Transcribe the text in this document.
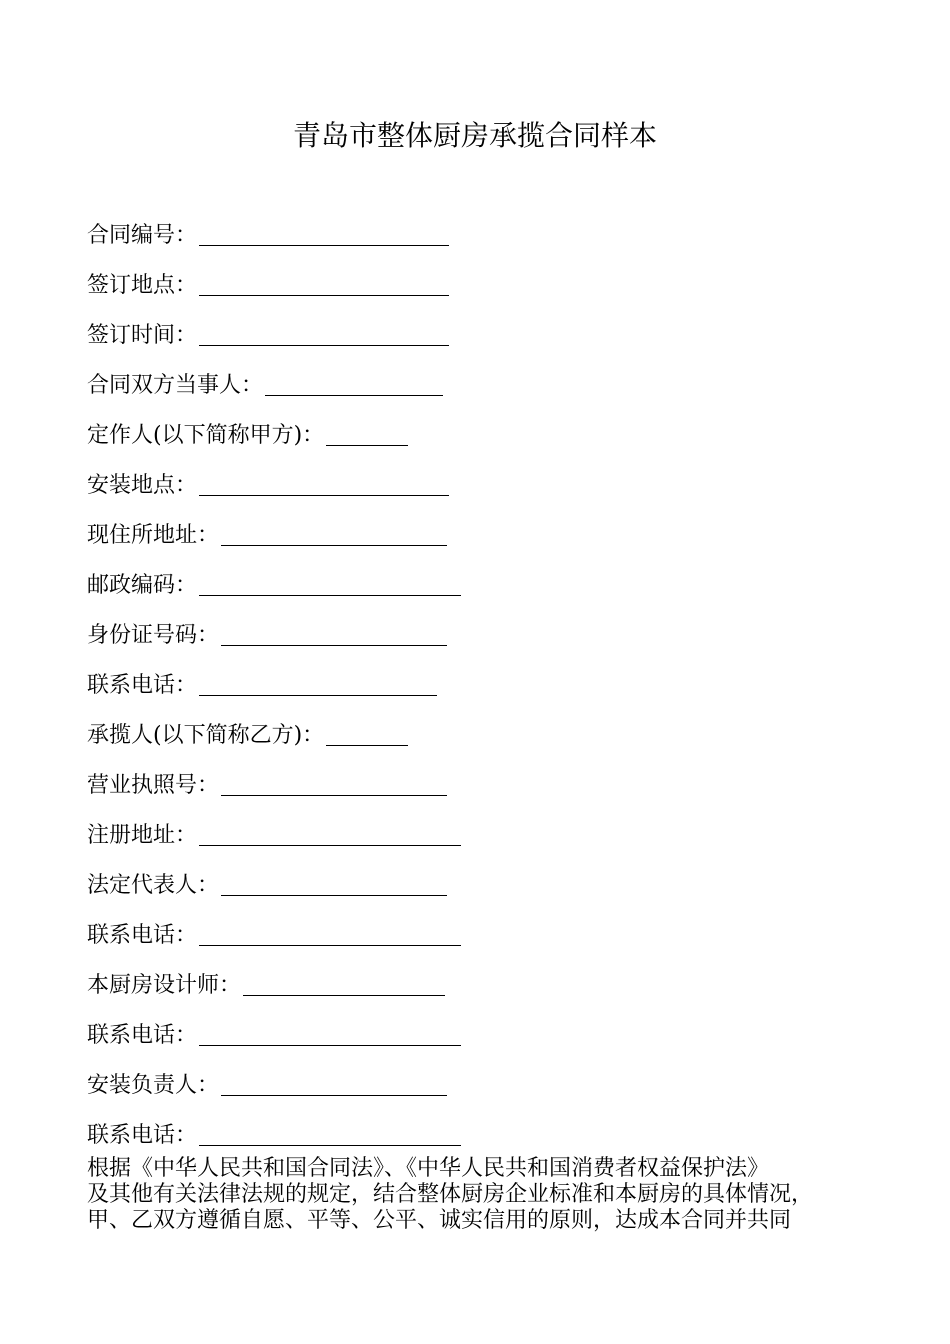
青岛市整体厨房承揽合同样本
合同编号：
签订地点：
签订时间：
合同双方当事人：
定作人(以下简称甲方)：
安装地点：
现住所地址：
邮政编码：
身份证号码：
联系电话：
承揽人(以下简称乙方)：
营业执照号：
注册地址：
法定代表人：
联系电话：
本厨房设计师：
联系电话：
安装负责人：
联系电话：
根据《中华人民共和国合同法》、《中华人民共和国消费者权益保护法》
及其他有关法律法规的规定，结合整体厨房企业标准和本厨房的具体情况，
甲、乙双方遵循自愿、平等、公平、诚实信用的原则，达成本合同并共同
